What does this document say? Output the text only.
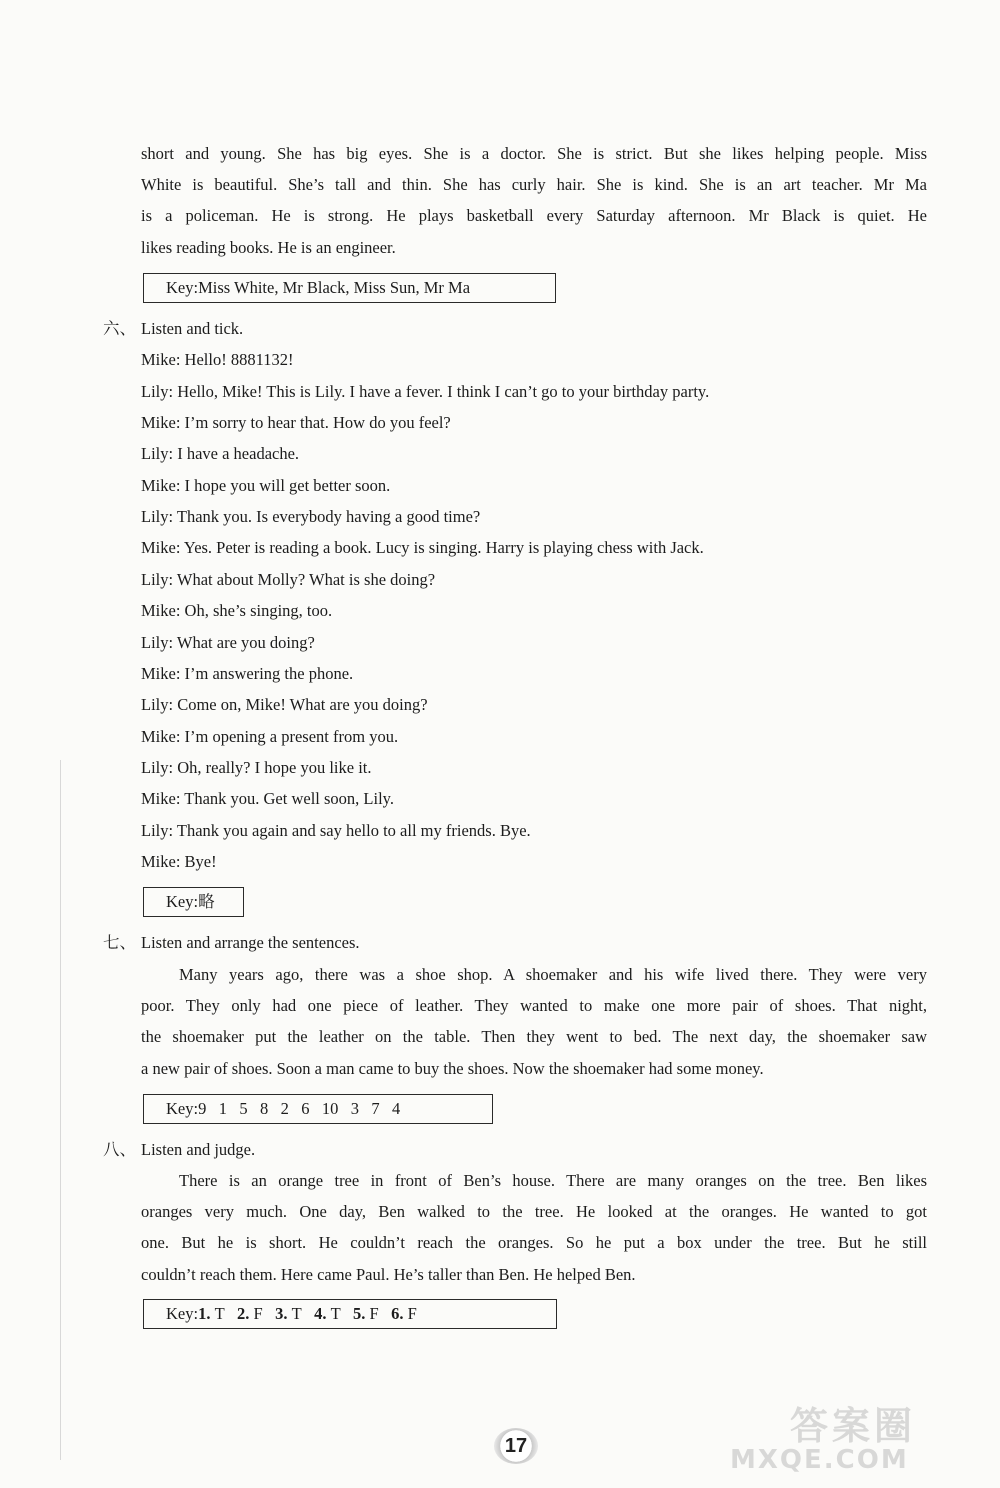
short and young. She has big eyes. She is a doctor. She is strict. But she likes helping people. Miss
White is beautiful. She’s tall and thin. She has curly hair. She is kind. She is an art teacher. Mr Ma
is a policeman. He is strong. He plays basketball every Saturday afternoon. Mr Black is quiet. He
likes reading books. He is an engineer.
Key:Miss White, Mr Black, Miss Sun, Mr Ma
六、 Listen and tick.
Mike: Hello! 8881132!
Lily: Hello, Mike! This is Lily. I have a fever. I think I can’t go to your birthday party.
Mike: I’m sorry to hear that. How do you feel?
Lily: I have a headache.
Mike: I hope you will get better soon.
Lily: Thank you. Is everybody having a good time?
Mike: Yes. Peter is reading a book. Lucy is singing. Harry is playing chess with Jack.
Lily: What about Molly? What is she doing?
Mike: Oh, she’s singing, too.
Lily: What are you doing?
Mike: I’m answering the phone.
Lily: Come on, Mike! What are you doing?
Mike: I’m opening a present from you.
Lily: Oh, really? I hope you like it.
Mike: Thank you. Get well soon, Lily.
Lily: Thank you again and say hello to all my friends. Bye.
Mike: Bye!
Key:略
七、 Listen and arrange the sentences.
Many years ago, there was a shoe shop. A shoemaker and his wife lived there. They were very
poor. They only had one piece of leather. They wanted to make one more pair of shoes. That night,
the shoemaker put the leather on the table. Then they went to bed. The next day, the shoemaker saw
a new pair of shoes. Soon a man came to buy the shoes. Now the shoemaker had some money.
Key:9   1   5   8   2   6   10   3   7   4
八、 Listen and judge.
There is an orange tree in front of Ben’s house. There are many oranges on the tree. Ben likes
oranges very much. One day, Ben walked to the tree. He looked at the oranges. He wanted to got
one. But he is short. He couldn’t reach the oranges. So he put a box under the tree. But he still
couldn’t reach them. Here came Paul. He’s taller than Ben. He helped Ben.
Key:1. T 2. F 3. T 4. T 5. F 6. F
17	答案圈
MXQE.COM
